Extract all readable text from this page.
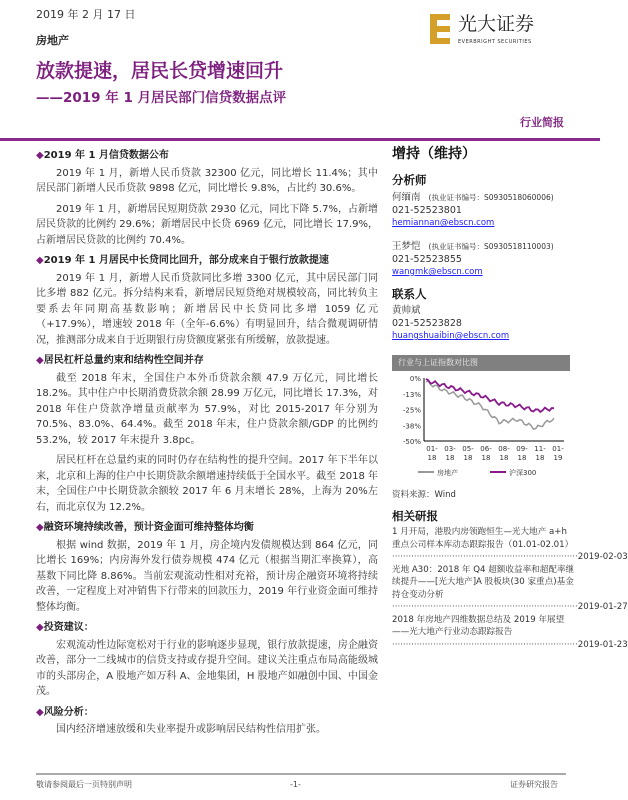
2019 年 2 月 17 日
房地产
放款提速，居民长贷增速回升
——2019 年 1 月居民部门信贷数据点评
行业简报
光大证券
EVERBRIGHT SECURITIES
◆2019 年 1 月信贷数据公布

2019 年 1 月，新增人民币贷款 32300 亿元，同比增长 11.4%；其中居民部门新增人民币贷款 9898 亿元，同比增长 9.8%，占比约 30.6%。

2019 年 1 月，新增居民短期贷款 2930 亿元，同比下降 5.7%，占新增居民贷款的比例约 29.6%；新增居民中长贷 6969 亿元，同比增长 17.9%，占新增居民贷款的比例约 70.4%。

◆2019 年 1 月居民中长贷同比回升，部分成来自于银行放款提速

2019 年 1 月，新增人民币贷款同比多增 3300 亿元，其中居民部门同比多增 882 亿元。拆分结构来看，新增居民短贷绝对规模较高，同比转负主要系去年同期高基数影响；新增居民中长贷同比多增 1059 亿元（+17.9%），增速较 2018 年（全年-6.6%）有明显回升，结合微观调研情况，推测部分成来自于近期银行房贷额度紧张有所缓解，放款提速。

◆居民杠杆总量约束和结构性空间并存

截至 2018 年末，全国住户本外币贷款余额 47.9 万亿元，同比增长 18.2%。其中住户中长期消费贷款余额 28.99 万亿元，同比增长 17.3%，对 2018 年住户贷款净增量贡献率为 57.9%，对比 2015-2017 年分别为 70.5%、83.0%、64.4%。截至 2018 年末，住户贷款余额/GDP 的比例约 53.2%，较 2017 年末提升 3.8pc。

居民杠杆在总量约束的同时仍存在结构性的提升空间。2017 年下半年以来，北京和上海的住户中长期贷款余额增速持续低于全国水平。截至 2018 年末，全国住户中长期贷款余额较 2017 年 6 月末增长 28%，上海为 20%左右，而北京仅为 12.2%。

◆融资环境持续改善，预计资金面可维持整体均衡

根据 wind 数据，2019 年 1 月，房企境内发债规模达到 864 亿元，同比增长 169%；内房海外发行债券规模 474 亿元（根据当期汇率换算），高基数下同比降 8.86%。当前宏观流动性相对充裕，预计房企融资环境将持续改善，一定程度上对冲销售下行带来的回款压力，2019 年行业资金面可维持整体均衡。

◆投资建议：

宏观流动性边际宽松对于行业的影响逐步显现，银行放款提速，房企融资改善，部分一二线城市的信贷支持或存提升空间。建议关注重点布局高能级城市的头部房企，A 股地产如万科 A、金地集团，H 股地产如融创中国、中国金茂。

◆风险分析：

国内经济增速放缓和失业率提升或影响居民结构性信用扩张。

增持（维持）
分析师
何缅南 (执业证书编号：S0930518060006)
021-52523801
hemiannan@ebscn.com
王梦恺 (执业证书编号：S0930518110003)
021-52523855
wangmk@ebscn.com
联系人
黄帅斌
021-52523828
huangshuaibin@ebscn.com
行业与上证指数对比图
0%
-13%
-25%
-38%
-50%
01-
18
03-
18
05-
18
06-
18
08-
18
09-
18
11-
18
01-
19
房地产	沪深300
资料来源：Wind
相关研报
1 月开局，港股内房领跑恒生—光大地产 a+h 重点公司样本库动态跟踪报告（01.01-02.01）
···································································· 2019-02-03
光地 A30：2018 年 Q4 超额收益率和超配率继续提升——[光大地产]A 股板块(30 家重点)基金持仓变动分析
···································································· 2019-01-27
2018 年房地产四维数据总结及 2019 年展望——光大地产行业动态跟踪报告
···································································· 2019-01-23
敬请参阅最后一页特别声明	-1-	证券研究报告
